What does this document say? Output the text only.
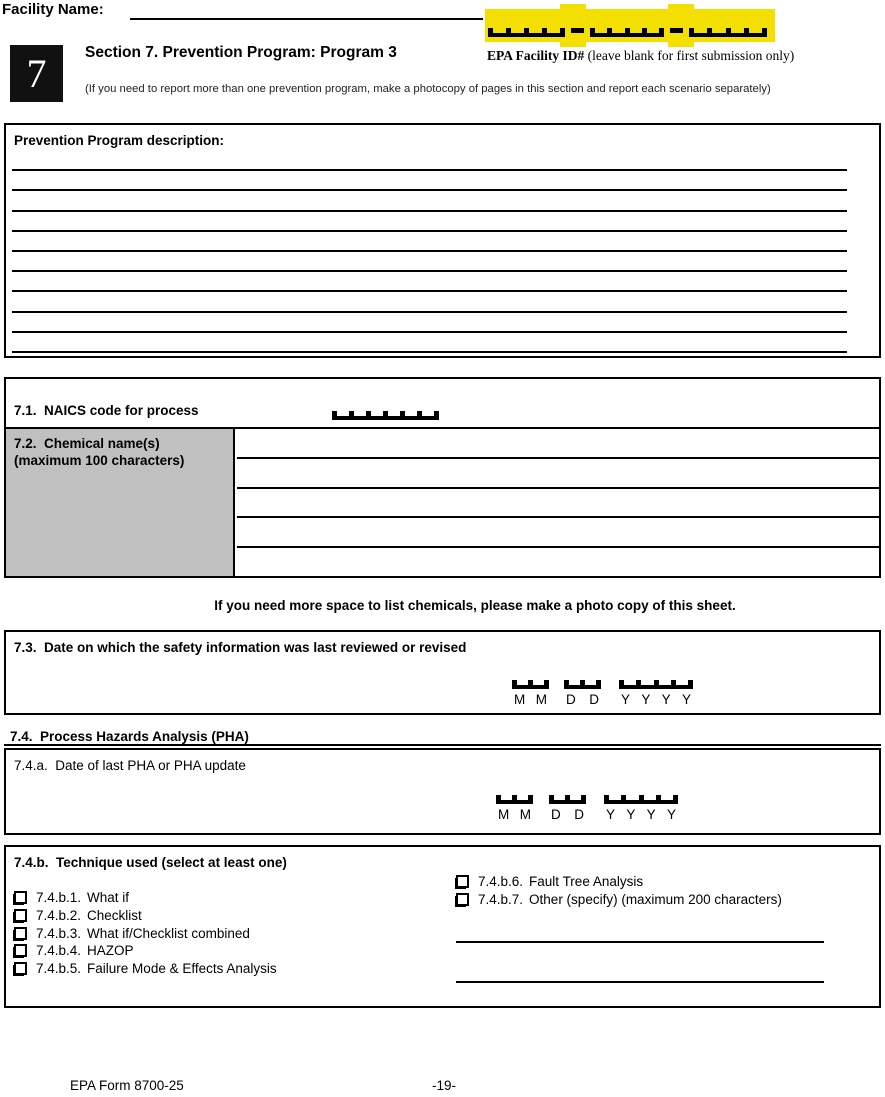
Facility Name:
EPA Facility ID# (leave blank for first submission only)
7 Section 7. Prevention Program: Program 3
(If you need to report more than one prevention program, make a photocopy of pages in this section and report each scenario separately)
Prevention Program description:
7.1.  NAICS code for process
7.2.  Chemical name(s)
(maximum 100 characters)
If you need more space to list chemicals, please make a photo copy of this sheet.
7.3.  Date on which the safety information was last reviewed or revised
M M D D Y Y Y Y
7.4.  Process Hazards Analysis (PHA)
7.4.a.  Date of last PHA or PHA update
M M D D Y Y Y Y
7.4.b.  Technique used (select at least one)
7.4.b.1. What if
7.4.b.2. Checklist
7.4.b.3. What if/Checklist combined
7.4.b.4. HAZOP
7.4.b.5. Failure Mode & Effects Analysis
7.4.b.6. Fault Tree Analysis
7.4.b.7. Other (specify) (maximum 200 characters)
EPA Form 8700-25	-19-
